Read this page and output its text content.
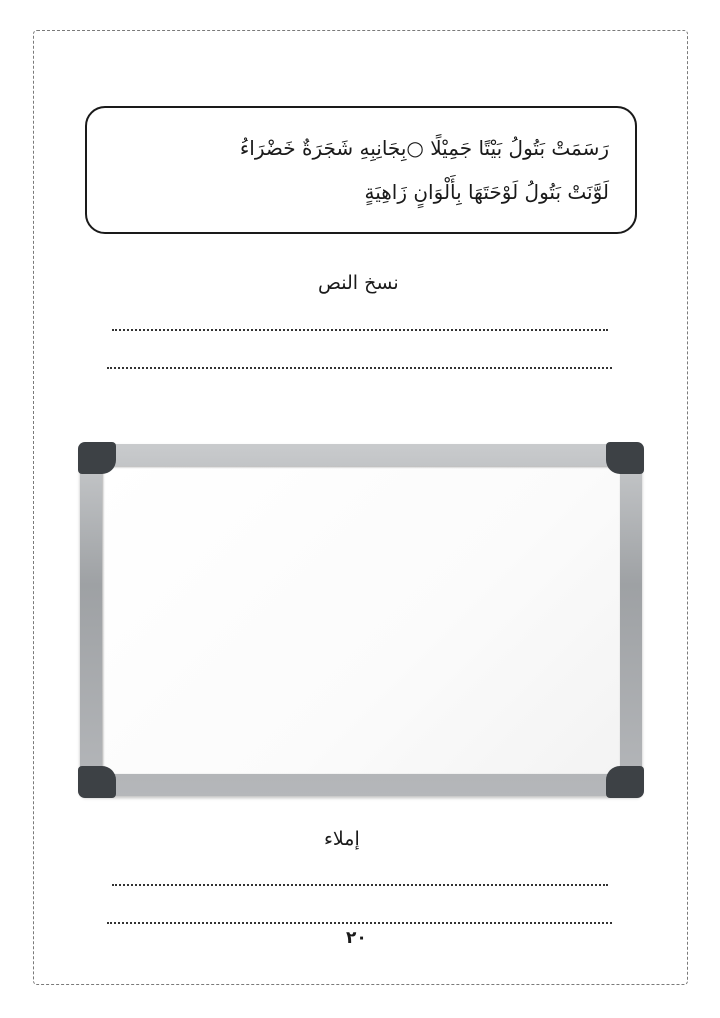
رَسَمَتْ بَتُولُ بَيْتًا جَمِيْلًا ○بِجَانِبِهِ شَجَرَةٌ خَضْرَاءُ
لَوَّنَتْ بَتُولُ لَوْحَتَهَا بِأَلْوَانٍ زَاهِيَةٍ
نسخ النص
إملاء
٢٠
